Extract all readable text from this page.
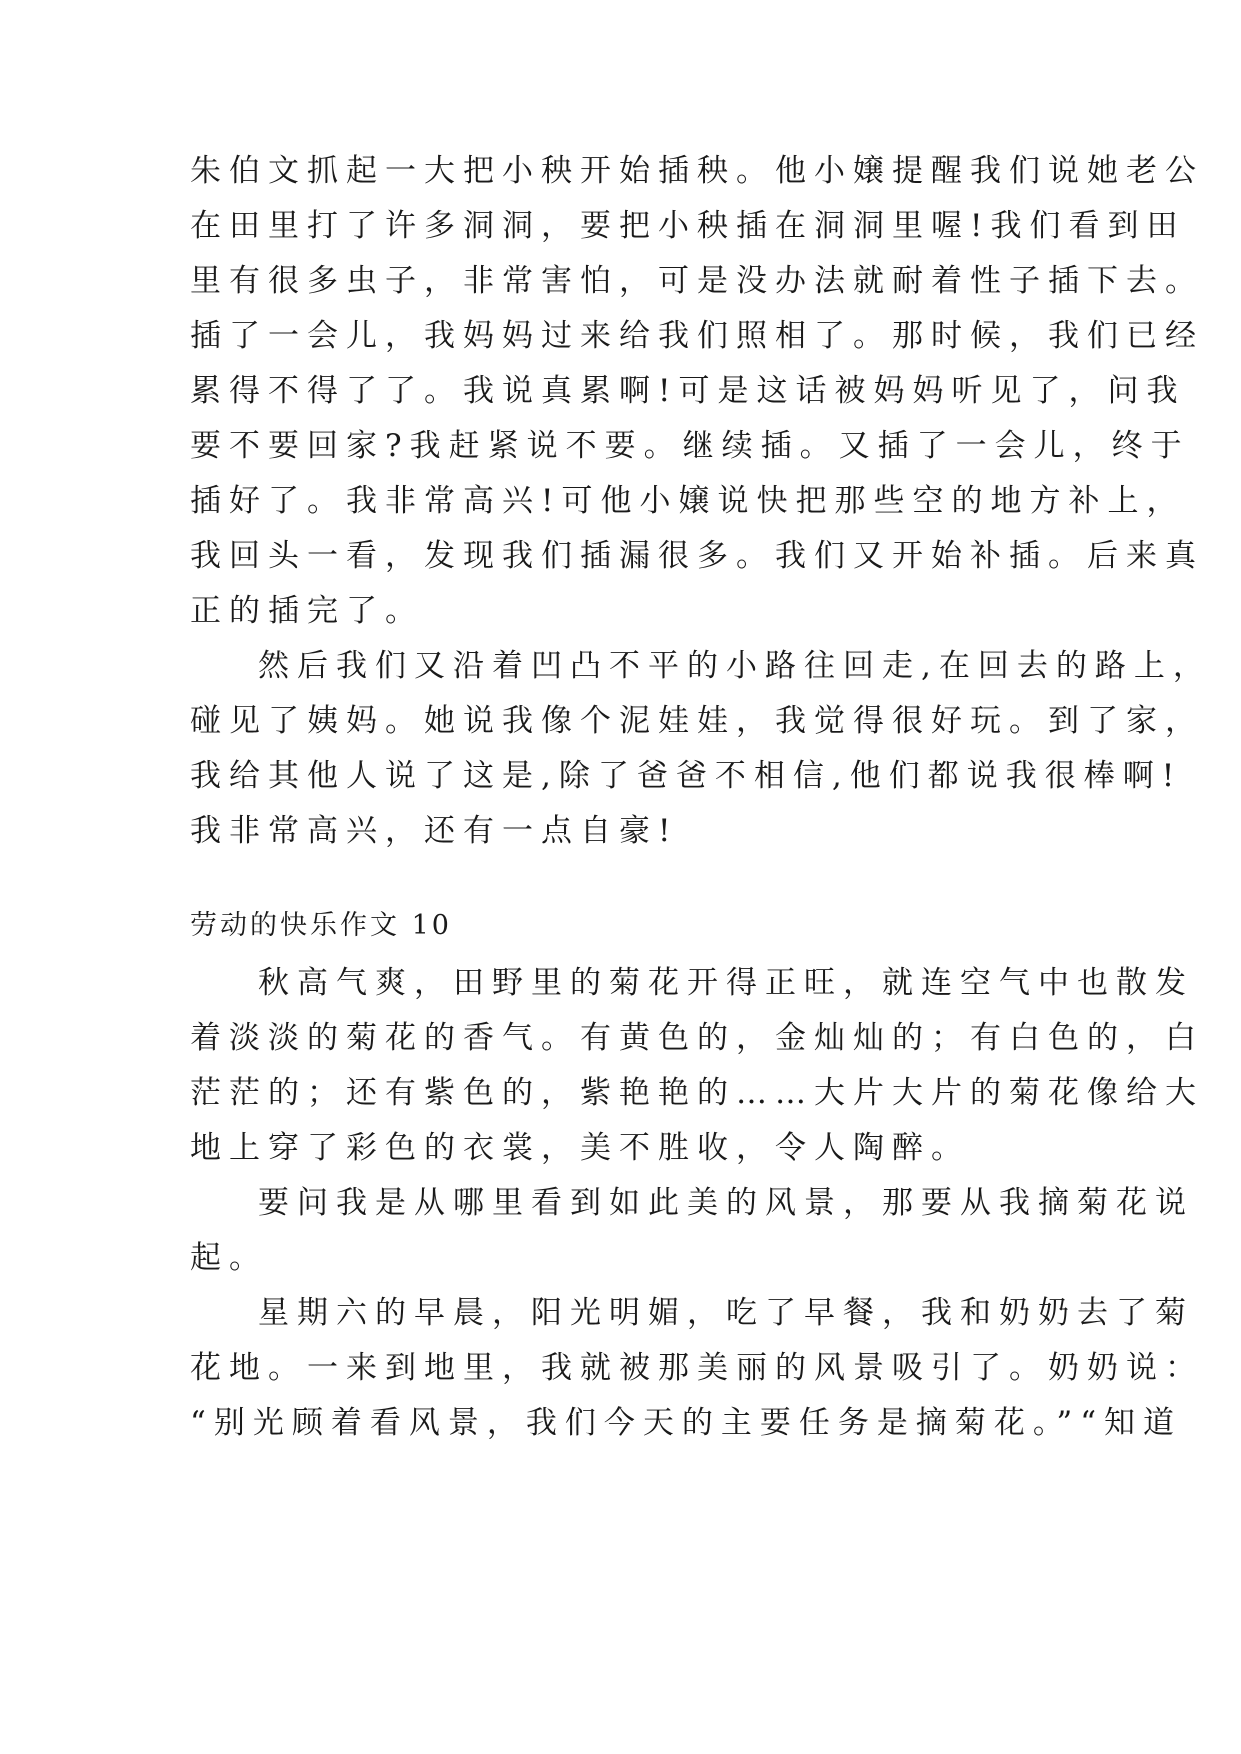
朱伯文抓起一大把小秧开始插秧。他小嬢提醒我们说她老公
在田里打了许多洞洞，要把小秧插在洞洞里喔!我们看到田
里有很多虫子，非常害怕，可是没办法就耐着性子插下去。
插了一会儿，我妈妈过来给我们照相了。那时候，我们已经
累得不得了了。我说真累啊!可是这话被妈妈听见了，问我
要不要回家?我赶紧说不要。继续插。又插了一会儿，终于
插好了。我非常高兴!可他小嬢说快把那些空的地方补上，
我回头一看，发现我们插漏很多。我们又开始补插。后来真
正的插完了。
然后我们又沿着凹凸不平的小路往回走,在回去的路上，
碰见了姨妈。她说我像个泥娃娃，我觉得很好玩。到了家，
我给其他人说了这是,除了爸爸不相信,他们都说我很棒啊!
我非常高兴，还有一点自豪!
劳动的快乐作文 10
秋高气爽，田野里的菊花开得正旺，就连空气中也散发
着淡淡的菊花的香气。有黄色的，金灿灿的；有白色的，白
茫茫的；还有紫色的，紫艳艳的……大片大片的菊花像给大
地上穿了彩色的衣裳，美不胜收，令人陶醉。
要问我是从哪里看到如此美的风景，那要从我摘菊花说
起。
星期六的早晨，阳光明媚，吃了早餐，我和奶奶去了菊
花地。一来到地里，我就被那美丽的风景吸引了。奶奶说：
“别光顾着看风景，我们今天的主要任务是摘菊花。”“知道
